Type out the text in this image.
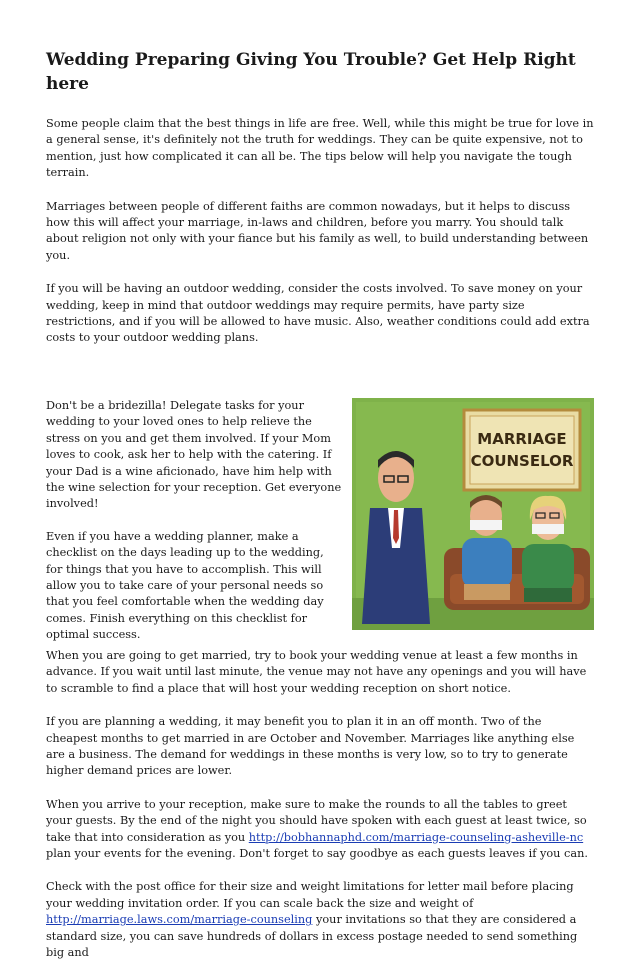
Wedding Preparing Giving You Trouble? Get Help Right here

Some people claim that the best things in life are free. Well, while this might be true for love in a general sense, it's definitely not the truth for weddings. They can be quite expensive, not to mention, just how complicated it can all be. The tips below will help you navigate the tough terrain.

Marriages between people of different faiths are common nowadays, but it helps to discuss how this will affect your marriage, in-laws and children, before you marry. You should talk about religion not only with your fiance but his family as well, to build understanding between you.

If you will be having an outdoor wedding, consider the costs involved. To save money on your wedding, keep in mind that outdoor weddings may require permits, have party size restrictions, and if you will be allowed to have music. Also, weather conditions could add extra costs to your outdoor wedding plans.

Don't be a bridezilla! Delegate tasks for your wedding to your loved ones to help relieve the stress on you and get them involved. If your Mom loves to cook, ask her to help with the catering. If your Dad is a wine aficionado, have him help with the wine selection for your reception. Get everyone involved!

Even if you have a wedding planner, make a checklist on the days leading up to the wedding, for things that you have to accomplish. This will allow you to take care of your personal needs so that you feel comfortable when the wedding day comes. Finish everything on this checklist for optimal success.

MARRIAGE
COUNSELOR

When you are going to get married, try to book your wedding venue at least a few months in advance. If you wait until last minute, the venue may not have any openings and you will have to scramble to find a place that will host your wedding reception on short notice.

If you are planning a wedding, it may benefit you to plan it in an off month. Two of the cheapest months to get married in are October and November. Marriages like anything else are a business. The demand for weddings in these months is very low, so to try to generate higher demand prices are lower.

When you arrive to your reception, make sure to make the rounds to all the tables to greet your guests. By the end of the night you should have spoken with each guest at least twice, so take that into consideration as you http://bobhannaphd.com/marriage-counseling-asheville-nc plan your events for the evening. Don't forget to say goodbye as each guests leaves if you can.

Check with the post office for their size and weight limitations for letter mail before placing your wedding invitation order. If you can scale back the size and weight of http://marriage.laws.com/marriage-counseling your invitations so that they are considered a standard size, you can save hundreds of dollars in excess postage needed to send something big and
